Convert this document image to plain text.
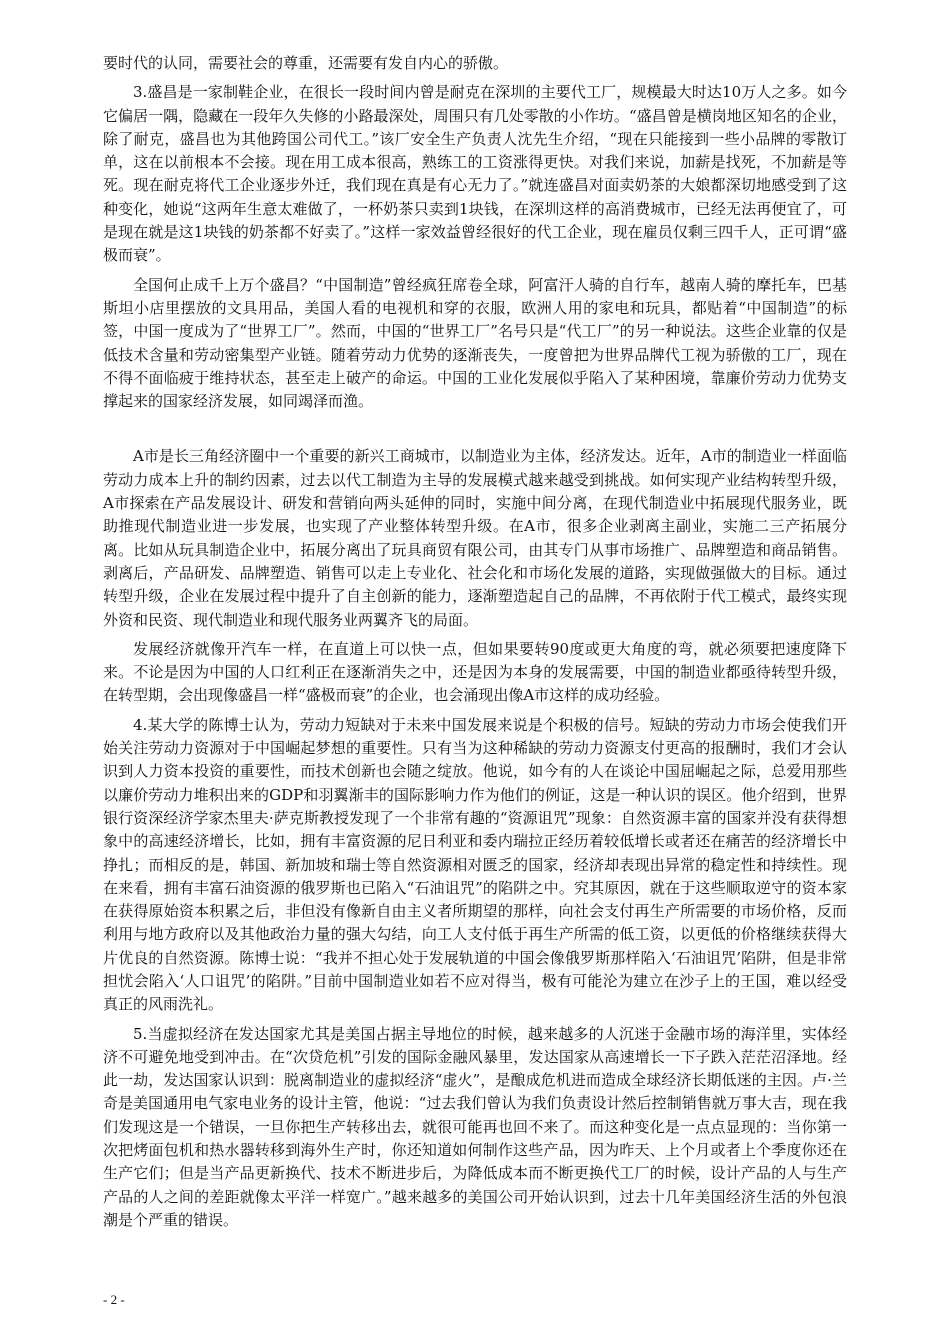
要时代的认同，需要社会的尊重，还需要有发自内心的骄傲。

3.盛昌是一家制鞋企业，在很长一段时间内曾是耐克在深圳的主要代工厂，规模最大时达10万人之多。如今它偏居一隅，隐藏在一段年久失修的小路最深处，周围只有几处零散的小作坊。“盛昌曾是横岗地区知名的企业，除了耐克，盛昌也为其他跨国公司代工。”该厂安全生产负责人沈先生介绍，“现在只能接到一些小品牌的零散订单，这在以前根本不会接。现在用工成本很高，熟练工的工资涨得更快。对我们来说，加薪是找死，不加薪是等死。现在耐克将代工企业逐步外迁，我们现在真是有心无力了。”就连盛昌对面卖奶茶的大娘都深切地感受到了这种变化，她说“这两年生意太难做了，一杯奶茶只卖到1块钱，在深圳这样的高消费城市，已经无法再便宜了，可是现在就是这1块钱的奶茶都不好卖了。”这样一家效益曾经很好的代工企业，现在雇员仅剩三四千人，正可谓“盛极而衰”。

全国何止成千上万个盛昌？“中国制造”曾经疯狂席卷全球，阿富汗人骑的自行车，越南人骑的摩托车，巴基斯坦小店里摆放的文具用品，美国人看的电视机和穿的衣服，欧洲人用的家电和玩具，都贴着“中国制造”的标签，中国一度成为了“世界工厂”。然而，中国的“世界工厂”名号只是“代工厂”的另一种说法。这些企业靠的仅是低技术含量和劳动密集型产业链。随着劳动力优势的逐渐丧失，一度曾把为世界品牌代工视为骄傲的工厂，现在不得不面临疲于维持状态，甚至走上破产的命运。中国的工业化发展似乎陷入了某种困境，靠廉价劳动力优势支撑起来的国家经济发展，如同竭泽而渔。

A市是长三角经济圈中一个重要的新兴工商城市，以制造业为主体，经济发达。近年，A市的制造业一样面临劳动力成本上升的制约因素，过去以代工制造为主导的发展模式越来越受到挑战。如何实现产业结构转型升级，A市探索在产品发展设计、研发和营销向两头延伸的同时，实施中间分离，在现代制造业中拓展现代服务业，既助推现代制造业进一步发展，也实现了产业整体转型升级。在A市，很多企业剥离主副业，实施二三产拓展分离。比如从玩具制造企业中，拓展分离出了玩具商贸有限公司，由其专门从事市场推广、品牌塑造和商品销售。剥离后，产品研发、品牌塑造、销售可以走上专业化、社会化和市场化发展的道路，实现做强做大的目标。通过转型升级，企业在发展过程中提升了自主创新的能力，逐渐塑造起自己的品牌，不再依附于代工模式，最终实现外资和民资、现代制造业和现代服务业两翼齐飞的局面。

发展经济就像开汽车一样，在直道上可以快一点，但如果要转90度或更大角度的弯，就必须要把速度降下来。不论是因为中国的人口红利正在逐渐消失之中，还是因为本身的发展需要，中国的制造业都亟待转型升级，在转型期，会出现像盛昌一样“盛极而衰”的企业，也会涌现出像A市这样的成功经验。

4.某大学的陈博士认为，劳动力短缺对于未来中国发展来说是个积极的信号。短缺的劳动力市场会使我们开始关注劳动力资源对于中国崛起梦想的重要性。只有当为这种稀缺的劳动力资源支付更高的报酬时，我们才会认识到人力资本投资的重要性，而技术创新也会随之绽放。他说，如今有的人在谈论中国屈崛起之际，总爱用那些以廉价劳动力堆积出来的GDP和羽翼渐丰的国际影响力作为他们的例证，这是一种认识的误区。他介绍到，世界银行资深经济学家杰里夫·萨克斯教授发现了一个非常有趣的“资源诅咒”现象：自然资源丰富的国家并没有获得想象中的高速经济增长，比如，拥有丰富资源的尼日利亚和委内瑞拉正经历着较低增长或者还在痛苦的经济增长中挣扎；而相反的是，韩国、新加坡和瑞士等自然资源相对匮乏的国家，经济却表现出异常的稳定性和持续性。现在来看，拥有丰富石油资源的俄罗斯也已陷入“石油诅咒”的陷阱之中。究其原因，就在于这些顺取逆守的资本家在获得原始资本积累之后，非但没有像新自由主义者所期望的那样，向社会支付再生产所需要的市场价格，反而利用与地方政府以及其他政治力量的强大勾结，向工人支付低于再生产所需的低工资，以更低的价格继续获得大片优良的自然资源。陈博士说：“我并不担心处于发展轨道的中国会像俄罗斯那样陷入‘石油诅咒’陷阱，但是非常担忧会陷入‘人口诅咒’的陷阱。”目前中国制造业如若不应对得当，极有可能沦为建立在沙子上的王国，难以经受真正的风雨洗礼。

5.当虚拟经济在发达国家尤其是美国占据主导地位的时候，越来越多的人沉迷于金融市场的海洋里，实体经济不可避免地受到冲击。在“次贷危机”引发的国际金融风暴里，发达国家从高速增长一下子跌入茫茫沼泽地。经此一劫，发达国家认识到：脱离制造业的虚拟经济“虚火”，是酿成危机进而造成全球经济长期低迷的主因。卢·兰奇是美国通用电气家电业务的设计主管，他说：“过去我们曾认为我们负责设计然后控制销售就万事大吉，现在我们发现这是一个错误，一旦你把生产转移出去，就很可能再也回不来了。而这种变化是一点点显现的：当你第一次把烤面包机和热水器转移到海外生产时，你还知道如何制作这些产品，因为昨天、上个月或者上个季度你还在生产它们；但是当产品更新换代、技术不断进步后，为降低成本而不断更换代工厂的时候，设计产品的人与生产产品的人之间的差距就像太平洋一样宽广。”越来越多的美国公司开始认识到，过去十几年美国经济生活的外包浪潮是个严重的错误。

- 2 -
